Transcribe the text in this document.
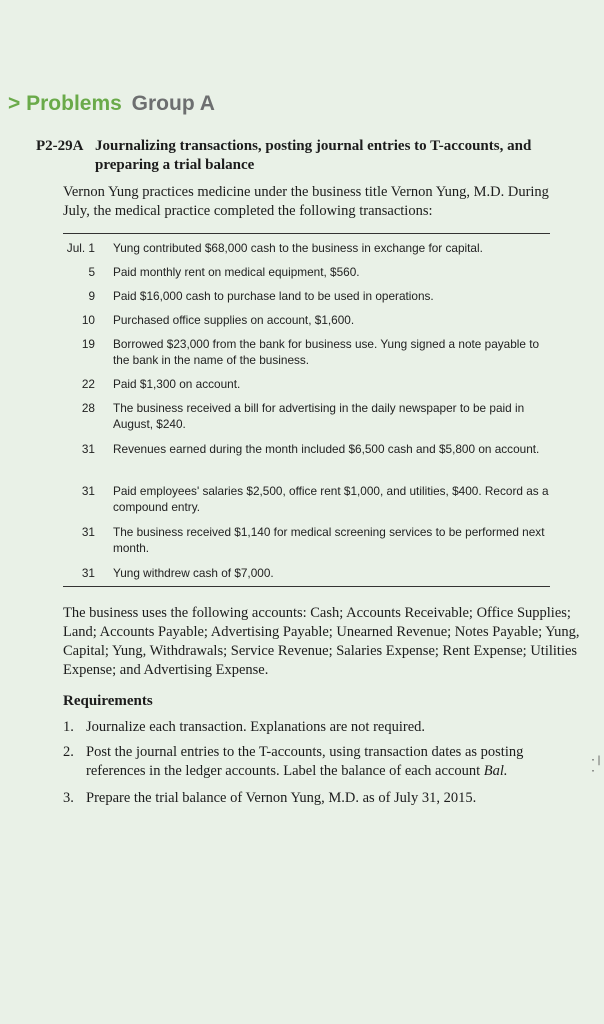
> Problems Group A
P2-29A Journalizing transactions, posting journal entries to T-accounts, and preparing a trial balance
Vernon Yung practices medicine under the business title Vernon Yung, M.D. During July, the medical practice completed the following transactions:
Jul. 1 Yung contributed $68,000 cash to the business in exchange for capital.
5 Paid monthly rent on medical equipment, $560.
9 Paid $16,000 cash to purchase land to be used in operations.
10 Purchased office supplies on account, $1,600.
19 Borrowed $23,000 from the bank for business use. Yung signed a note payable to the bank in the name of the business.
22 Paid $1,300 on account.
28 The business received a bill for advertising in the daily newspaper to be paid in August, $240.
31 Revenues earned during the month included $6,500 cash and $5,800 on account.
31 Paid employees' salaries $2,500, office rent $1,000, and utilities, $400. Record as a compound entry.
31 The business received $1,140 for medical screening services to be performed next month.
31 Yung withdrew cash of $7,000.
The business uses the following accounts: Cash; Accounts Receivable; Office Supplies; Land; Accounts Payable; Advertising Payable; Unearned Revenue; Notes Payable; Yung, Capital; Yung, Withdrawals; Service Revenue; Salaries Expense; Rent Expense; Utilities Expense; and Advertising Expense.
Requirements
1. Journalize each transaction. Explanations are not required.
2. Post the journal entries to the T-accounts, using transaction dates as posting references in the ledger accounts. Label the balance of each account Bal.
3. Prepare the trial balance of Vernon Yung, M.D. as of July 31, 2015.
·|·
